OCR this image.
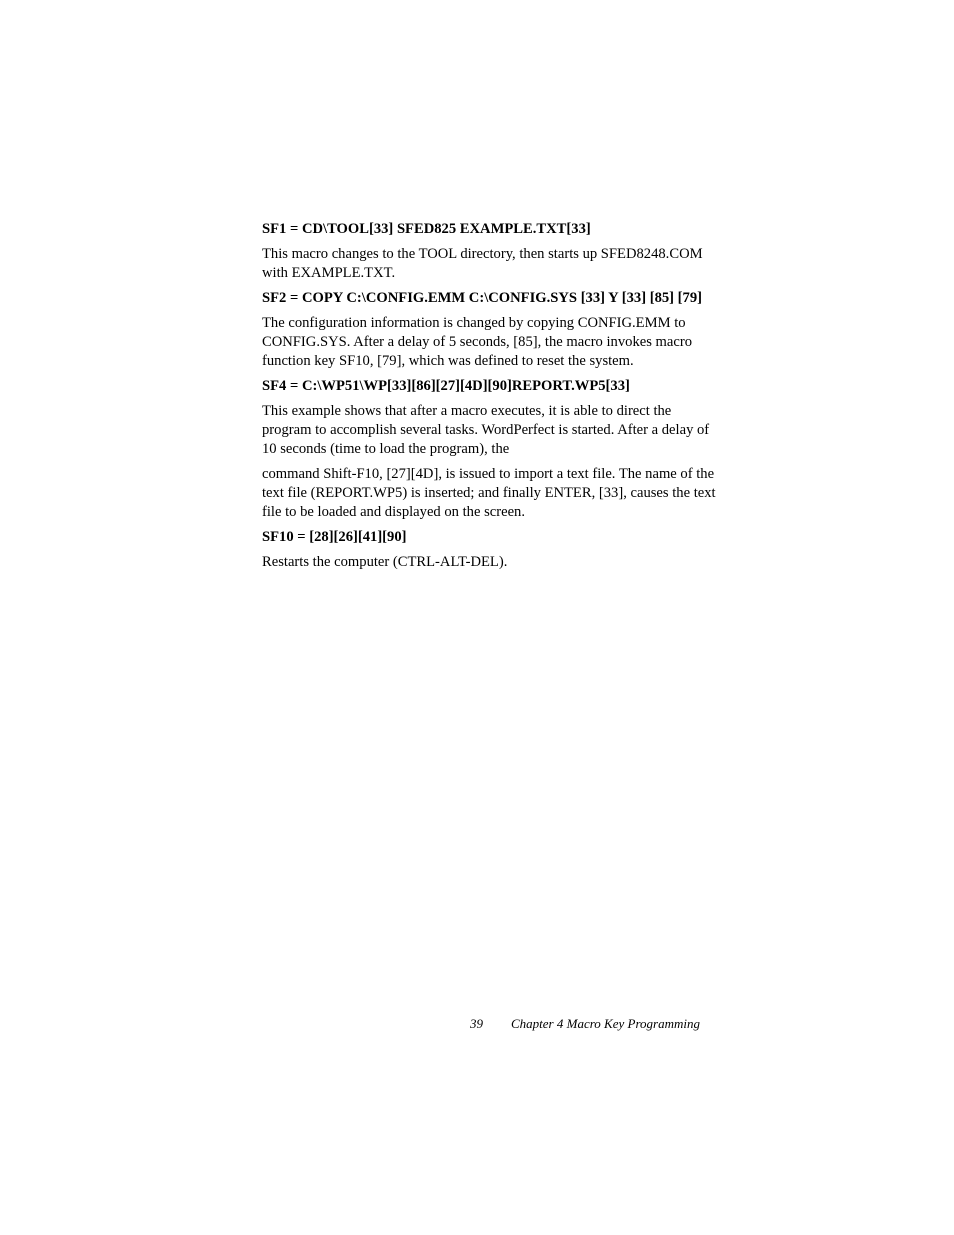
SF1 = CD\TOOL[33] SFED825 EXAMPLE.TXT[33]
This macro changes to the TOOL directory, then starts up SFED8248.COM with EXAMPLE.TXT.
SF2 = COPY C:\CONFIG.EMM C:\CONFIG.SYS [33] Y [33] [85] [79]
The configuration information is changed by copying CONFIG.EMM to CONFIG.SYS. After a delay of 5 seconds, [85], the macro invokes macro function key SF10, [79], which was defined to reset the system.
SF4 = C:\WP51\WP[33][86][27][4D][90]REPORT.WP5[33]
This example shows that after a macro executes, it is able to direct the program to accomplish several tasks. WordPerfect is started. After a delay of 10 seconds (time to load the program), the
command Shift-F10, [27][4D], is issued to import a text file. The name of the text file (REPORT.WP5) is inserted; and finally ENTER, [33], causes the text file to be loaded and displayed on the screen.
SF10 = [28][26][41][90]
Restarts the computer (CTRL-ALT-DEL).
39 Chapter 4 Macro Key Programming
